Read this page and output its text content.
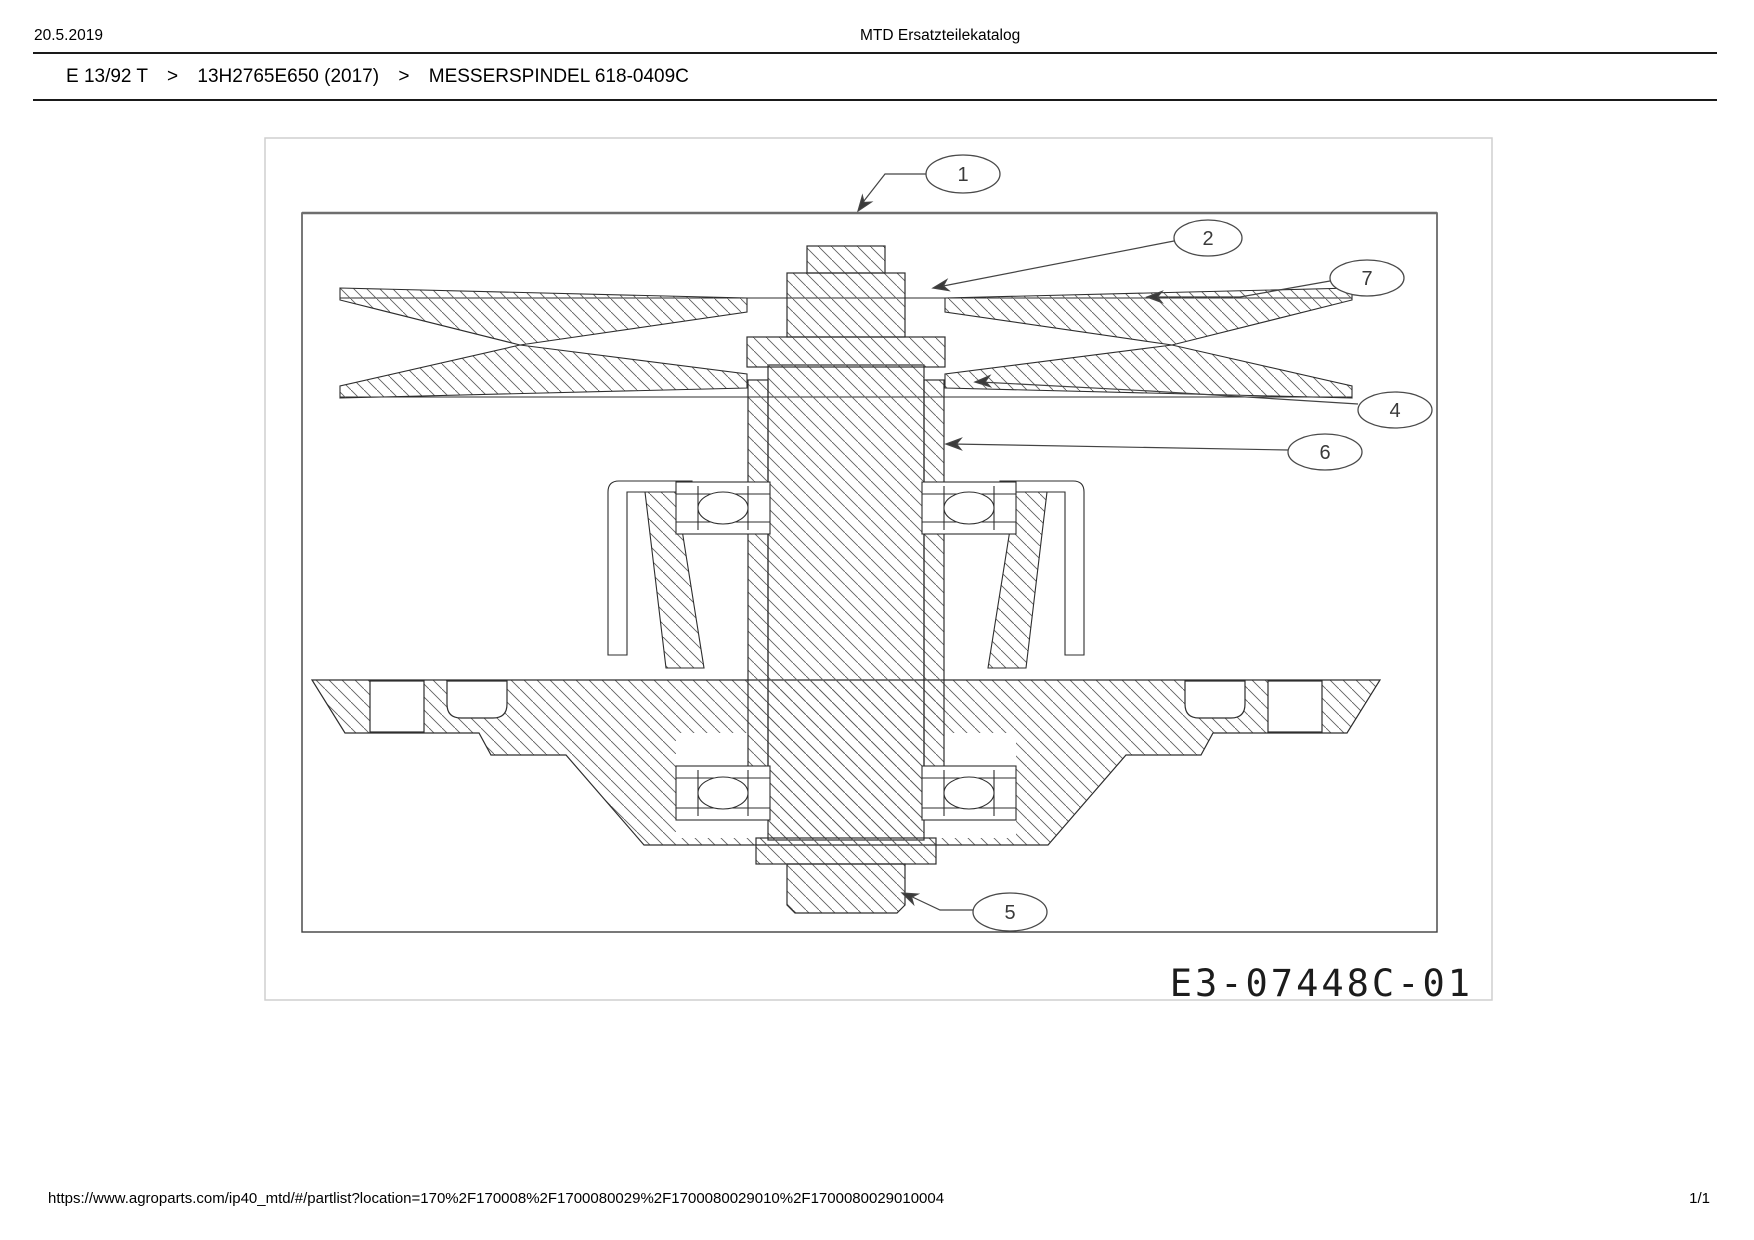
20.5.2019	MTD Ersatzteilekatalog
E 13/92 T > 13H2765E650 (2017) > MESSERSPINDEL 618-0409C
1
2
7
4
6
5
E3-07448C-01
https://www.agroparts.com/ip40_mtd/#/partlist?location=170%2F170008%2F1700080029%2F1700080029010%2F1700080029010004	1/1
